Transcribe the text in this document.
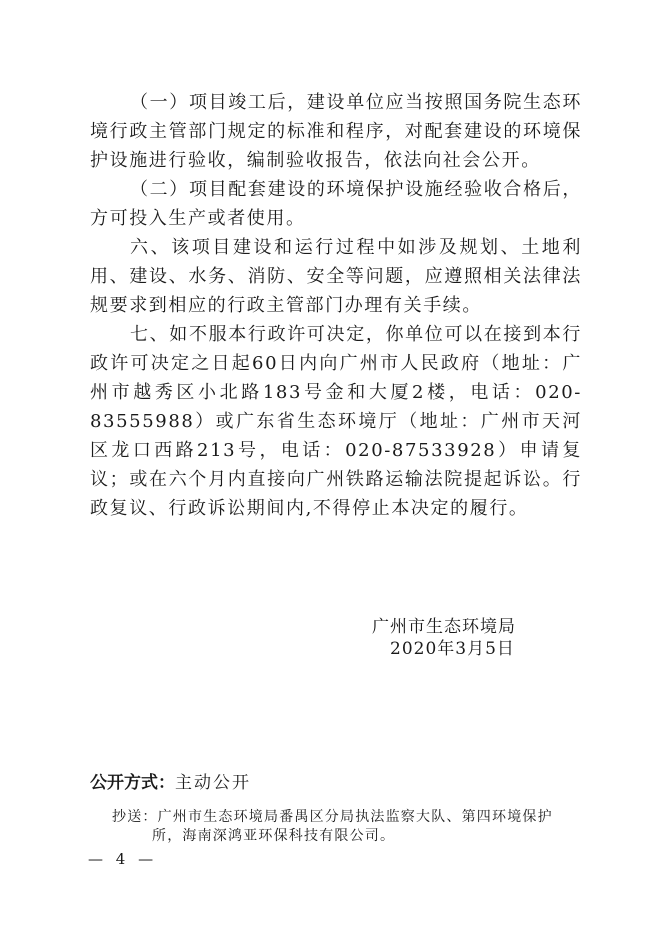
（一）项目竣工后，建设单位应当按照国务院生态环境行政主管部门规定的标准和程序，对配套建设的环境保护设施进行验收，编制验收报告，依法向社会公开。

（二）项目配套建设的环境保护设施经验收合格后，方可投入生产或者使用。

六、该项目建设和运行过程中如涉及规划、土地利用、建设、水务、消防、安全等问题，应遵照相关法律法规要求到相应的行政主管部门办理有关手续。

七、如不服本行政许可决定，你单位可以在接到本行政许可决定之日起60日内向广州市人民政府（地址：广州市越秀区小北路183号金和大厦2楼，电话：020-83555988）或广东省生态环境厅（地址：广州市天河区龙口西路213号，电话：020-87533928）申请复议；或在六个月内直接向广州铁路运输法院提起诉讼。行政复议、行政诉讼期间内,不得停止本决定的履行。

广州市生态环境局
2020年3月5日
公开方式：主动公开
抄送：广州市生态环境局番禺区分局执法监察大队、第四环境保护
所，海南深鸿亚环保科技有限公司。
— 4 —
